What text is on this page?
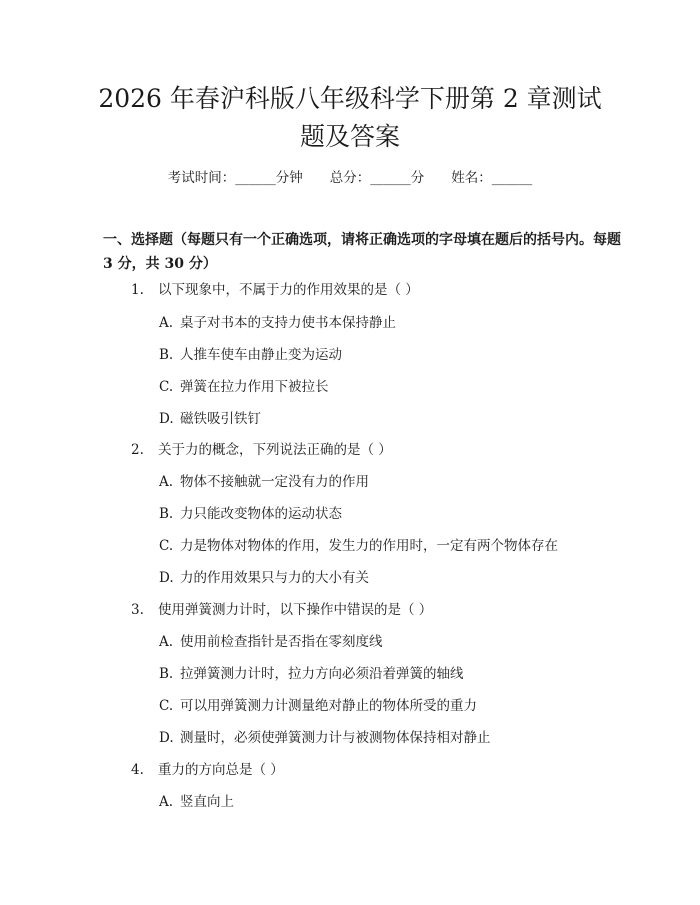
2026 年春沪科版八年级科学下册第 2 章测试题及答案
考试时间：______分钟　　总分：______分　　姓名：______
一、选择题（每题只有一个正确选项，请将正确选项的字母填在题后的括号内。每题 3 分，共 30 分）
1. 以下现象中，不属于力的作用效果的是（ ）
A. 桌子对书本的支持力使书本保持静止
B. 人推车使车由静止变为运动
C. 弹簧在拉力作用下被拉长
D. 磁铁吸引铁钉
2. 关于力的概念，下列说法正确的是（ ）
A. 物体不接触就一定没有力的作用
B. 力只能改变物体的运动状态
C. 力是物体对物体的作用，发生力的作用时，一定有两个物体存在
D. 力的作用效果只与力的大小有关
3. 使用弹簧测力计时，以下操作中错误的是（ ）
A. 使用前检查指针是否指在零刻度线
B. 拉弹簧测力计时，拉力方向必须沿着弹簧的轴线
C. 可以用弹簧测力计测量绝对静止的物体所受的重力
D. 测量时，必须使弹簧测力计与被测物体保持相对静止
4. 重力的方向总是（ ）
A. 竖直向上
